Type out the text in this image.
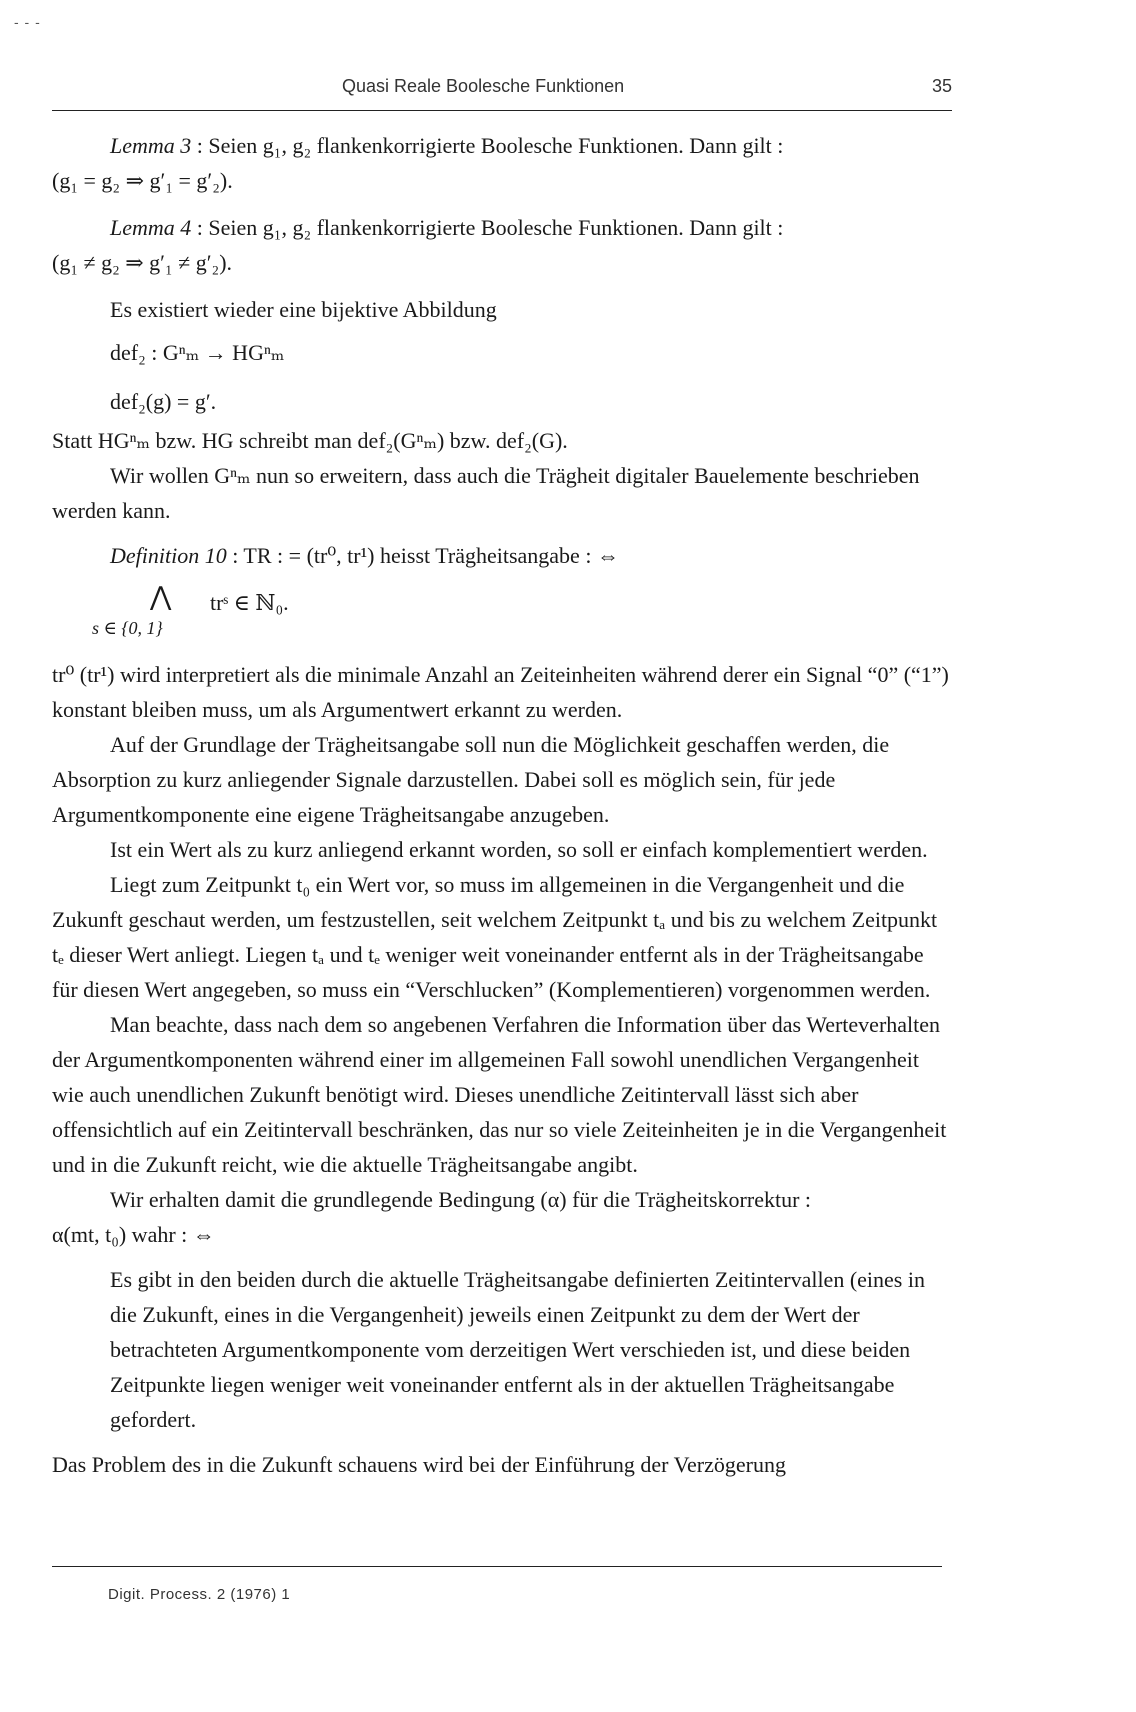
- - -
Quasi Reale Boolesche Funktionen	35

Lemma 3 : Seien g₁, g₂ flankenkorrigierte Boolesche Funktionen. Dann gilt :

(g₁ = g₂ ⇒ g′₁ = g′₂).

Lemma 4 : Seien g₁, g₂ flankenkorrigierte Boolesche Funktionen. Dann gilt :

(g₁ ≠ g₂ ⇒ g′₁ ≠ g′₂).

Es existiert wieder eine bijektive Abbildung

def₂ : Gⁿₘ → HGⁿₘ

def₂(g) = g′.

Statt HGⁿₘ bzw. HG schreibt man def₂(Gⁿₘ) bzw. def₂(G).

Wir wollen Gⁿₘ nun so erweitern, dass auch die Trägheit digitaler Bauelemente beschrieben werden kann.

Definition 10 : TR : = (tr⁰, tr¹) heisst Trägheitsangabe : ⇔

⋀
s ∈ {0, 1}
trˢ ∈ ℕ₀.

tr⁰ (tr¹) wird interpretiert als die minimale Anzahl an Zeiteinheiten während derer ein Signal “0” (“1”) konstant bleiben muss, um als Argumentwert erkannt zu werden.

Auf der Grundlage der Trägheitsangabe soll nun die Möglichkeit geschaffen werden, die Absorption zu kurz anliegender Signale darzustellen. Dabei soll es möglich sein, für jede Argumentkomponente eine eigene Trägheitsangabe anzugeben.

Ist ein Wert als zu kurz anliegend erkannt worden, so soll er einfach komplementiert werden.

Liegt zum Zeitpunkt t₀ ein Wert vor, so muss im allgemeinen in die Vergangenheit und die Zukunft geschaut werden, um festzustellen, seit welchem Zeitpunkt tₐ und bis zu welchem Zeitpunkt tₑ dieser Wert anliegt. Liegen tₐ und tₑ weniger weit voneinander entfernt als in der Trägheitsangabe für diesen Wert angegeben, so muss ein “Verschlucken” (Komplementieren) vorgenommen werden.

Man beachte, dass nach dem so angebenen Verfahren die Information über das Werteverhalten der Argumentkomponenten während einer im allgemeinen Fall sowohl unendlichen Vergangenheit wie auch unendlichen Zukunft benötigt wird. Dieses unendliche Zeitintervall lässt sich aber offensichtlich auf ein Zeitintervall beschränken, das nur so viele Zeiteinheiten je in die Vergangenheit und in die Zukunft reicht, wie die aktuelle Trägheitsangabe angibt.

Wir erhalten damit die grundlegende Bedingung (α) für die Trägheitskorrektur :

α(mt, t₀) wahr : ⇔

Es gibt in den beiden durch die aktuelle Trägheitsangabe definierten Zeitintervallen (eines in die Zukunft, eines in die Vergangenheit) jeweils einen Zeitpunkt zu dem der Wert der betrachteten Argumentkomponente vom derzeitigen Wert verschieden ist, und diese beiden Zeitpunkte liegen weniger weit voneinander entfernt als in der aktuellen Trägheitsangabe gefordert.

Das Problem des in die Zukunft schauens wird bei der Einführung der Verzögerung

Digit. Process. 2 (1976) 1
